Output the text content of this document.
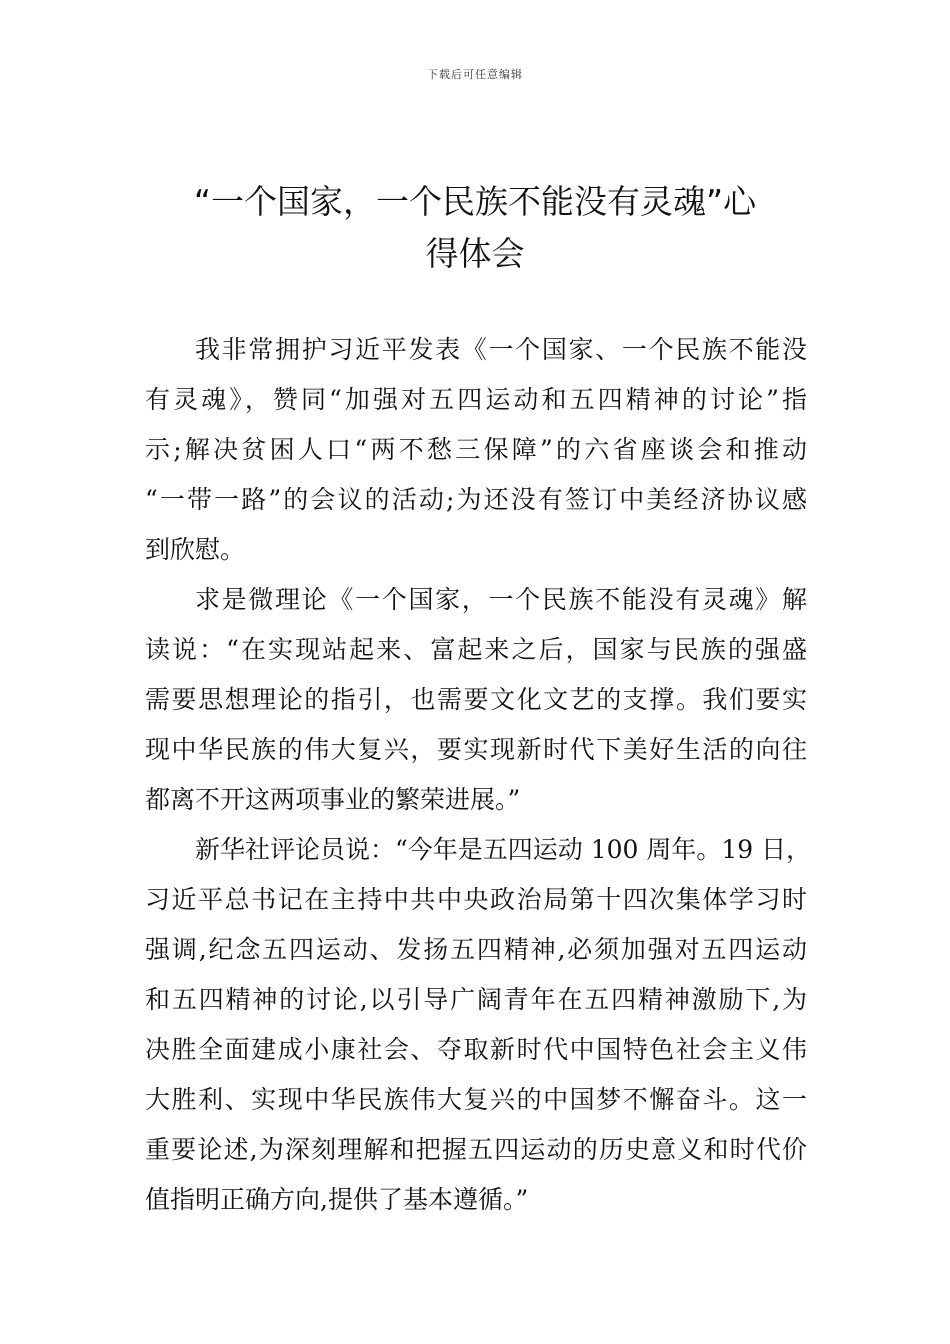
下载后可任意编辑
“一个国家，一个民族不能没有灵魂”心
得体会
我非常拥护习近平发表《一个国家、一个民族不能没
有灵魂》，赞同“加强对五四运动和五四精神的讨论”指
示;解决贫困人口“两不愁三保障”的六省座谈会和推动
“一带一路”的会议的活动;为还没有签订中美经济协议感
到欣慰。
求是微理论《一个国家，一个民族不能没有灵魂》解
读说：“在实现站起来、富起来之后，国家与民族的强盛
需要思想理论的指引，也需要文化文艺的支撑。我们要实
现中华民族的伟大复兴，要实现新时代下美好生活的向往
都离不开这两项事业的繁荣进展。”
新华社评论员说：“今年是五四运动 100 周年。19 日，
习近平总书记在主持中共中央政治局第十四次集体学习时
强调,纪念五四运动、发扬五四精神,必须加强对五四运动
和五四精神的讨论,以引导广阔青年在五四精神激励下,为
决胜全面建成小康社会、夺取新时代中国特色社会主义伟
大胜利、实现中华民族伟大复兴的中国梦不懈奋斗。这一
重要论述,为深刻理解和把握五四运动的历史意义和时代价
值指明正确方向,提供了基本遵循。”
